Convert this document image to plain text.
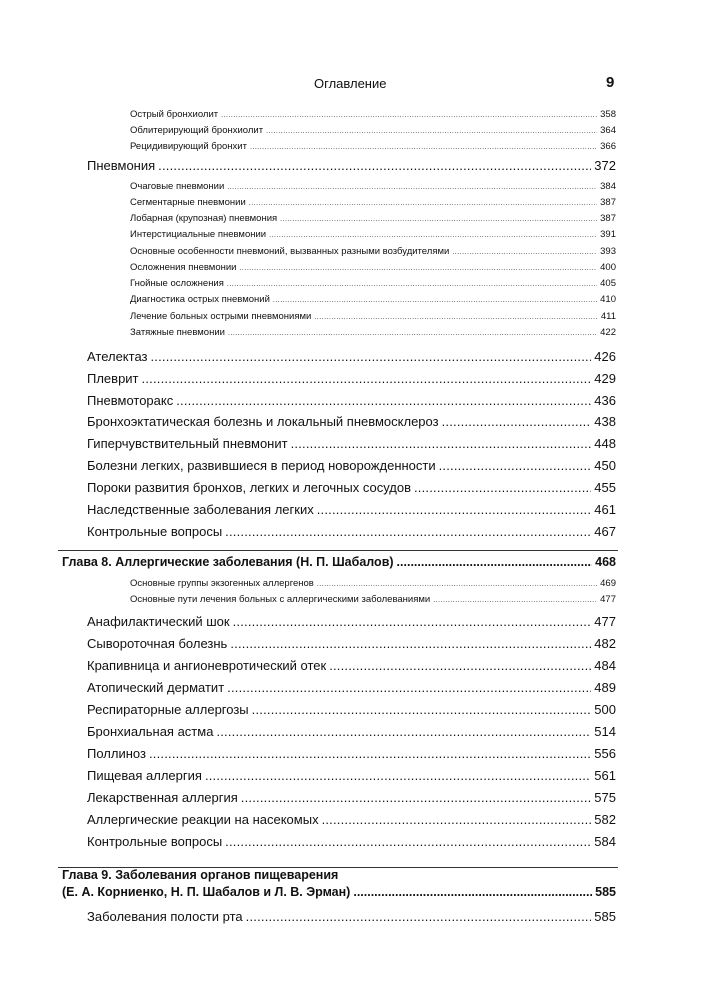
Оглавление	9
Острый бронхиолит .....	358
Облитерирующий бронхиолит .....	364
Рецидивирующий бронхит .....	366
Пневмония .....	372
Очаговые пневмонии .....	384
Сегментарные пневмонии .....	387
Лобарная (крупозная) пневмония .....	387
Интерстициальные пневмонии .....	391
Основные особенности пневмоний, вызванных разными возбудителями .....	393
Осложнения пневмонии .....	400
Гнойные осложнения .....	405
Диагностика острых пневмоний .....	410
Лечение больных острыми пневмониями .....	411
Затяжные пневмонии .....	422
Ателектаз .....	426
Плеврит .....	429
Пневмоторакс .....	436
Бронхоэктатическая болезнь и локальный пневмосклероз .....	438
Гиперчувствительный пневмонит .....	448
Болезни легких, развившиеся в период новорожденности .....	450
Пороки развития бронхов, легких и легочных сосудов .....	455
Наследственные заболевания легких .....	461
Контрольные вопросы .....	467
Глава 8. Аллергические заболевания (Н. П. Шабалов) .....	468
Основные группы экзогенных аллергенов .....	469
Основные пути лечения больных с аллергическими заболеваниями .....	477
Анафилактический шок .....	477
Сывороточная болезнь .....	482
Крапивница и ангионевротический отек .....	484
Атопический дерматит .....	489
Респираторные аллергозы .....	500
Бронхиальная астма .....	514
Поллиноз .....	556
Пищевая аллергия .....	561
Лекарственная аллергия .....	575
Аллергические реакции на насекомых .....	582
Контрольные вопросы .....	584
Глава 9. Заболевания органов пищеварения
(Е. А. Корниенко, Н. П. Шабалов и Л. В. Эрман) .....	585
Заболевания полости рта .....	585
